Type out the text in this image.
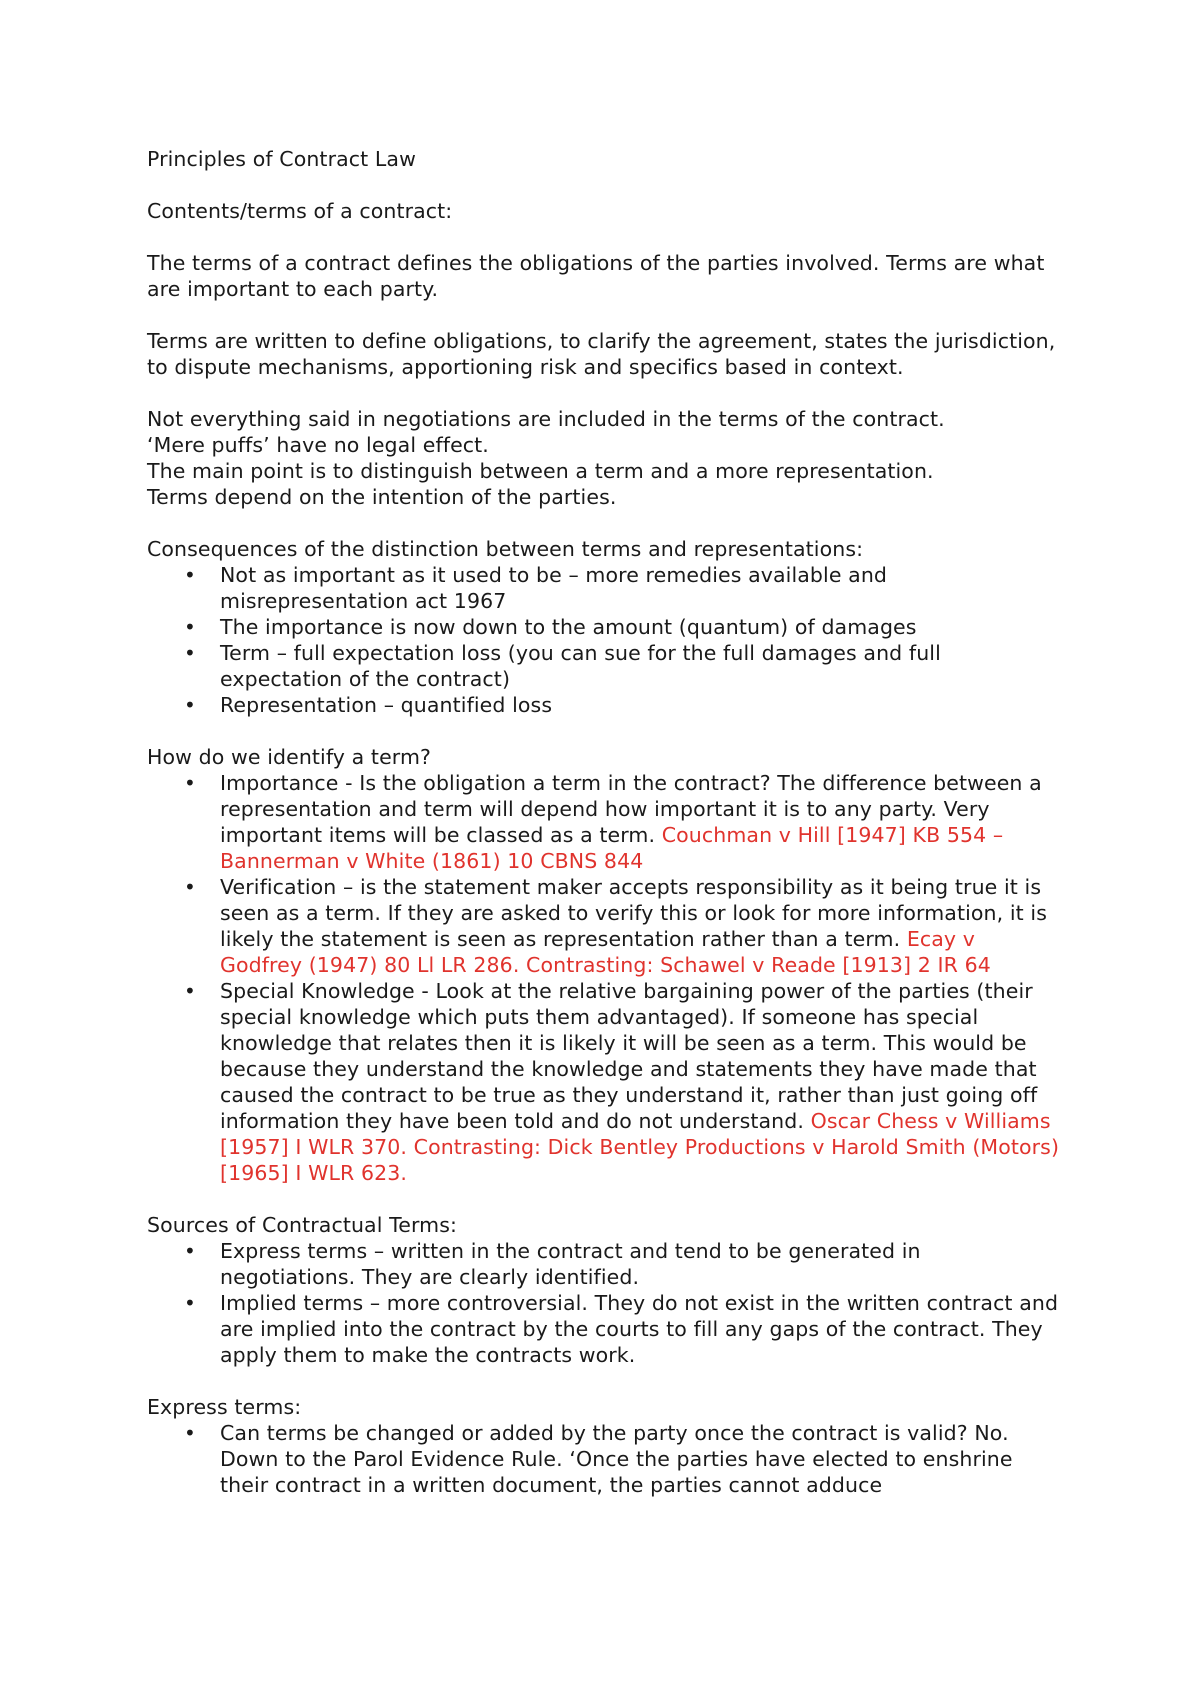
Principles of Contract Law

Contents/terms of a contract:

The terms of a contract defines the obligations of the parties involved. Terms are what are important to each party.

Terms are written to define obligations, to clarify the agreement, states the jurisdiction, to dispute mechanisms, apportioning risk and specifics based in context.

Not everything said in negotiations are included in the terms of the contract.

‘Mere puffs’ have no legal effect.

The main point is to distinguish between a term and a more representation.

Terms depend on the intention of the parties.

Consequences of the distinction between terms and representations:

• Not as important as it used to be – more remedies available and misrepresentation act 1967
• The importance is now down to the amount (quantum) of damages
• Term – full expectation loss (you can sue for the full damages and full expectation of the contract)
• Representation – quantified loss

How do we identify a term?

• Importance - Is the obligation a term in the contract? The difference between a representation and term will depend how important it is to any party. Very important items will be classed as a term. Couchman v Hill [1947] KB 554 – Bannerman v White (1861) 10 CBNS 844
• Verification – is the statement maker accepts responsibility as it being true it is seen as a term. If they are asked to verify this or look for more information, it is likely the statement is seen as representation rather than a term. Ecay v Godfrey (1947) 80 Ll LR 286. Contrasting: Schawel v Reade [1913] 2 IR 64
• Special Knowledge - Look at the relative bargaining power of the parties (their special knowledge which puts them advantaged). If someone has special knowledge that relates then it is likely it will be seen as a term. This would be because they understand the knowledge and statements they have made that caused the contract to be true as they understand it, rather than just going off information they have been told and do not understand. Oscar Chess v Williams [1957] I WLR 370. Contrasting: Dick Bentley Productions v Harold Smith (Motors) [1965] I WLR 623.

Sources of Contractual Terms:

• Express terms – written in the contract and tend to be generated in negotiations. They are clearly identified.
• Implied terms – more controversial. They do not exist in the written contract and are implied into the contract by the courts to fill any gaps of the contract. They apply them to make the contracts work.

Express terms:

• Can terms be changed or added by the party once the contract is valid? No. Down to the Parol Evidence Rule. ‘Once the parties have elected to enshrine their contract in a written document, the parties cannot adduce
